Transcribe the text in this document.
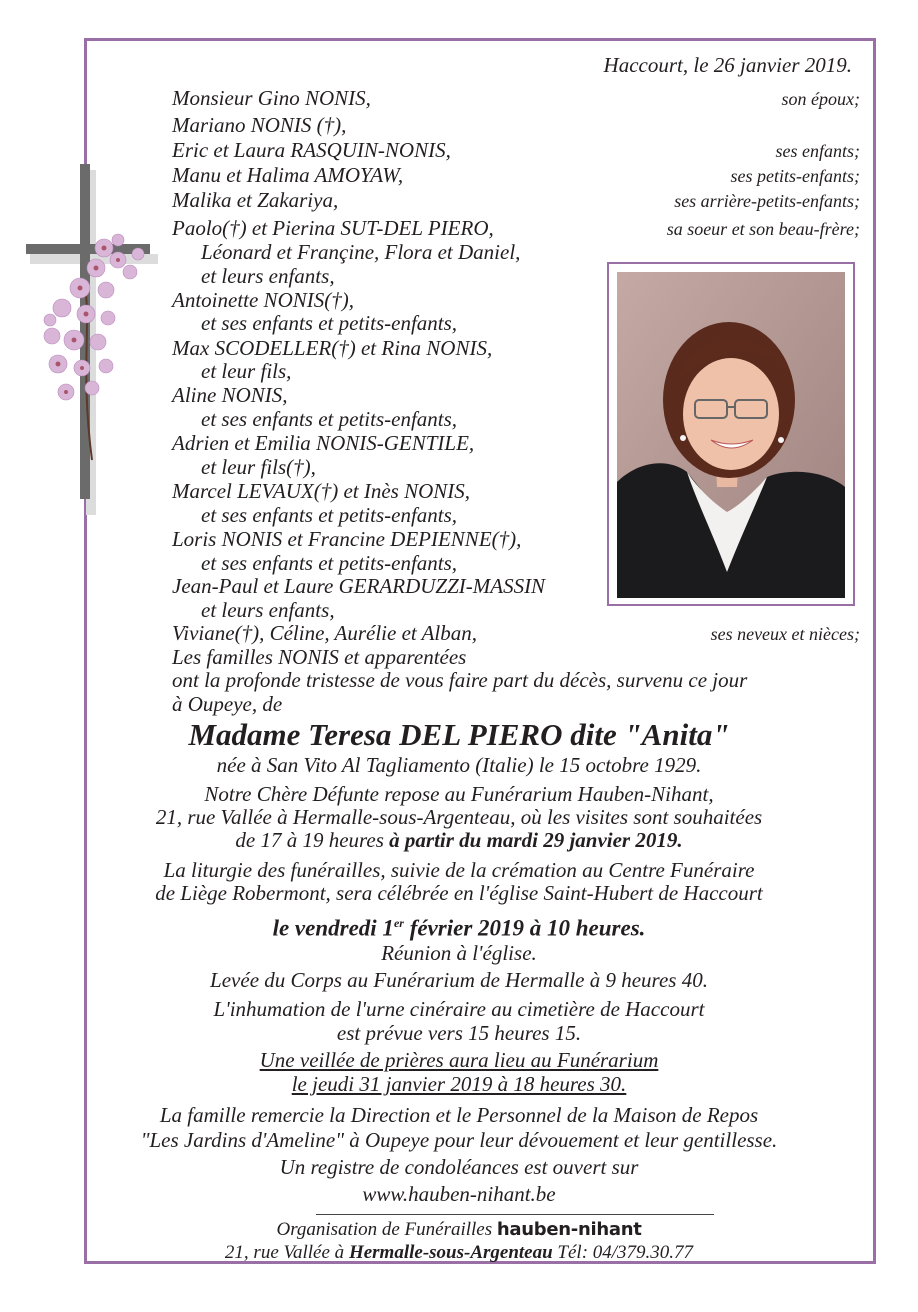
Haccourt, le 26 janvier 2019.
Monsieur Gino NONIS,	son époux;
Mariano NONIS (†),
Eric et Laura RASQUIN-NONIS,	ses enfants;
Manu et Halima AMOYAW,	ses petits-enfants;
Malika et Zakariya,	ses arrière-petits-enfants;
Paolo(†) et Pierina SUT-DEL PIERO,	sa soeur et son beau-frère;
Léonard et Françine, Flora et Daniel,
et leurs enfants,
Antoinette NONIS(†),
et ses enfants et petits-enfants,
Max SCODELLER(†) et Rina NONIS,
et leur fils,
Aline NONIS,
et ses enfants et petits-enfants,
Adrien et Emilia NONIS-GENTILE,
et leur fils(†),
Marcel LEVAUX(†) et Inès NONIS,
et ses enfants et petits-enfants,
Loris NONIS et Francine DEPIENNE(†),
et ses enfants et petits-enfants,
Jean-Paul et Laure GERARDUZZI-MASSIN
et leurs enfants,
Viviane(†), Céline, Aurélie et Alban,	ses neveux et nièces;
Les familles NONIS et apparentées
ont la profonde tristesse de vous faire part du décès, survenu ce jour
à Oupeye, de
Madame Teresa DEL PIERO dite "Anita"
née à San Vito Al Tagliamento (Italie) le 15 octobre 1929.
Notre Chère Défunte repose au Funérarium Hauben-Nihant,
21, rue Vallée à Hermalle-sous-Argenteau, où les visites sont souhaitées
de 17 à 19 heures à partir du mardi 29 janvier 2019.
La liturgie des funérailles, suivie de la crémation au Centre Funéraire
de Liège Robermont, sera célébrée en l'église Saint-Hubert de Haccourt
le vendredi 1er février 2019 à 10 heures.
Réunion à l'église.
Levée du Corps au Funérarium de Hermalle à 9 heures 40.
L'inhumation de l'urne cinéraire au cimetière de Haccourt
est prévue vers 15 heures 15.
Une veillée de prières aura lieu au Funérarium
le jeudi 31 janvier 2019 à 18 heures 30.
La famille remercie la Direction et le Personnel de la Maison de Repos
"Les Jardins d'Ameline" à Oupeye pour leur dévouement et leur gentillesse.
Un registre de condoléances est ouvert sur
www.hauben-nihant.be
Organisation de Funérailles hauben-nihant
21, rue Vallée à Hermalle-sous-Argenteau Tél: 04/379.30.77
